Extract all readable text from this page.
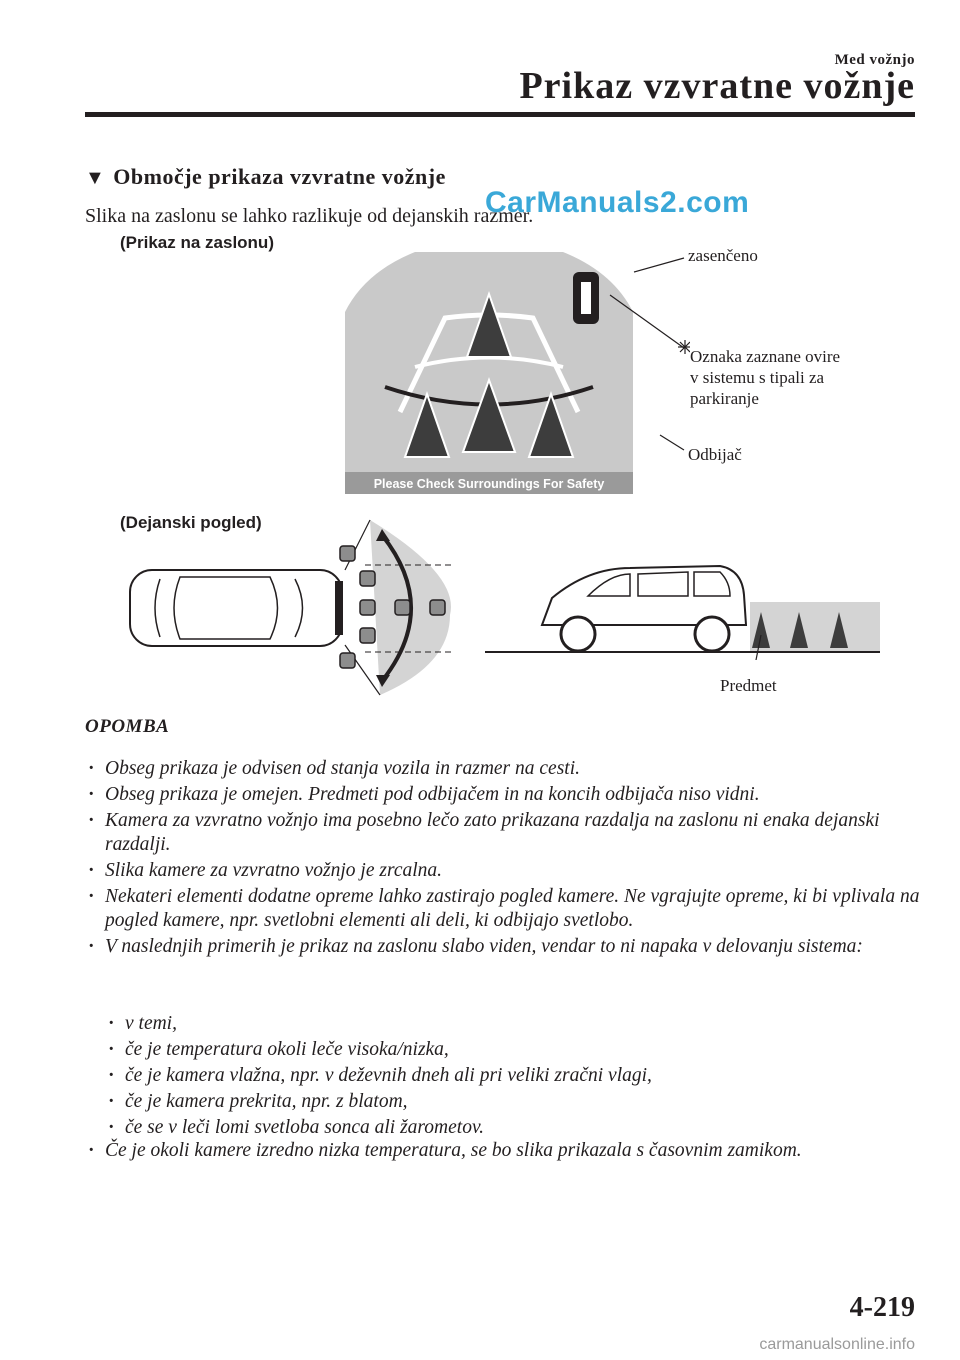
Med vožnjo
Prikaz vzvratne vožnje
▼ Območje prikaza vzvratne vožnje
Slika na zaslonu se lahko razlikuje od dejanskih razmer.
CarManuals2.com
(Prikaz na zaslonu)
Please Check Surroundings For Safety
zasenčeno
Oznaka zaznane ovire
v sistemu s tipali za
parkiranje
Odbijač
(Dejanski pogled)
Predmet
OPOMBA
· Obseg prikaza je odvisen od stanja vozila in razmer na cesti.
· Obseg prikaza je omejen. Predmeti pod odbijačem in na koncih odbijača niso vidni.
· Kamera za vzvratno vožnjo ima posebno lečo zato prikazana razdalja na zaslonu ni enaka dejanski razdalji.
· Slika kamere za vzvratno vožnjo je zrcalna.
· Nekateri elementi dodatne opreme lahko zastirajo pogled kamere. Ne vgrajujte opreme, ki bi vplivala na pogled kamere, npr. svetlobni elementi ali deli, ki odbijajo svetlobo.
· V naslednjih primerih je prikaz na zaslonu slabo viden, vendar to ni napaka v delovanju sistema:
· v temi,
· če je temperatura okoli leče visoka/nizka,
· če je kamera vlažna, npr. v deževnih dneh ali pri veliki zračni vlagi,
· če je kamera prekrita, npr. z blatom,
· če se v leči lomi svetloba sonca ali žarometov.
· Če je okoli kamere izredno nizka temperatura, se bo slika prikazala s časovnim zamikom.
4-219
carmanualsonline.info
